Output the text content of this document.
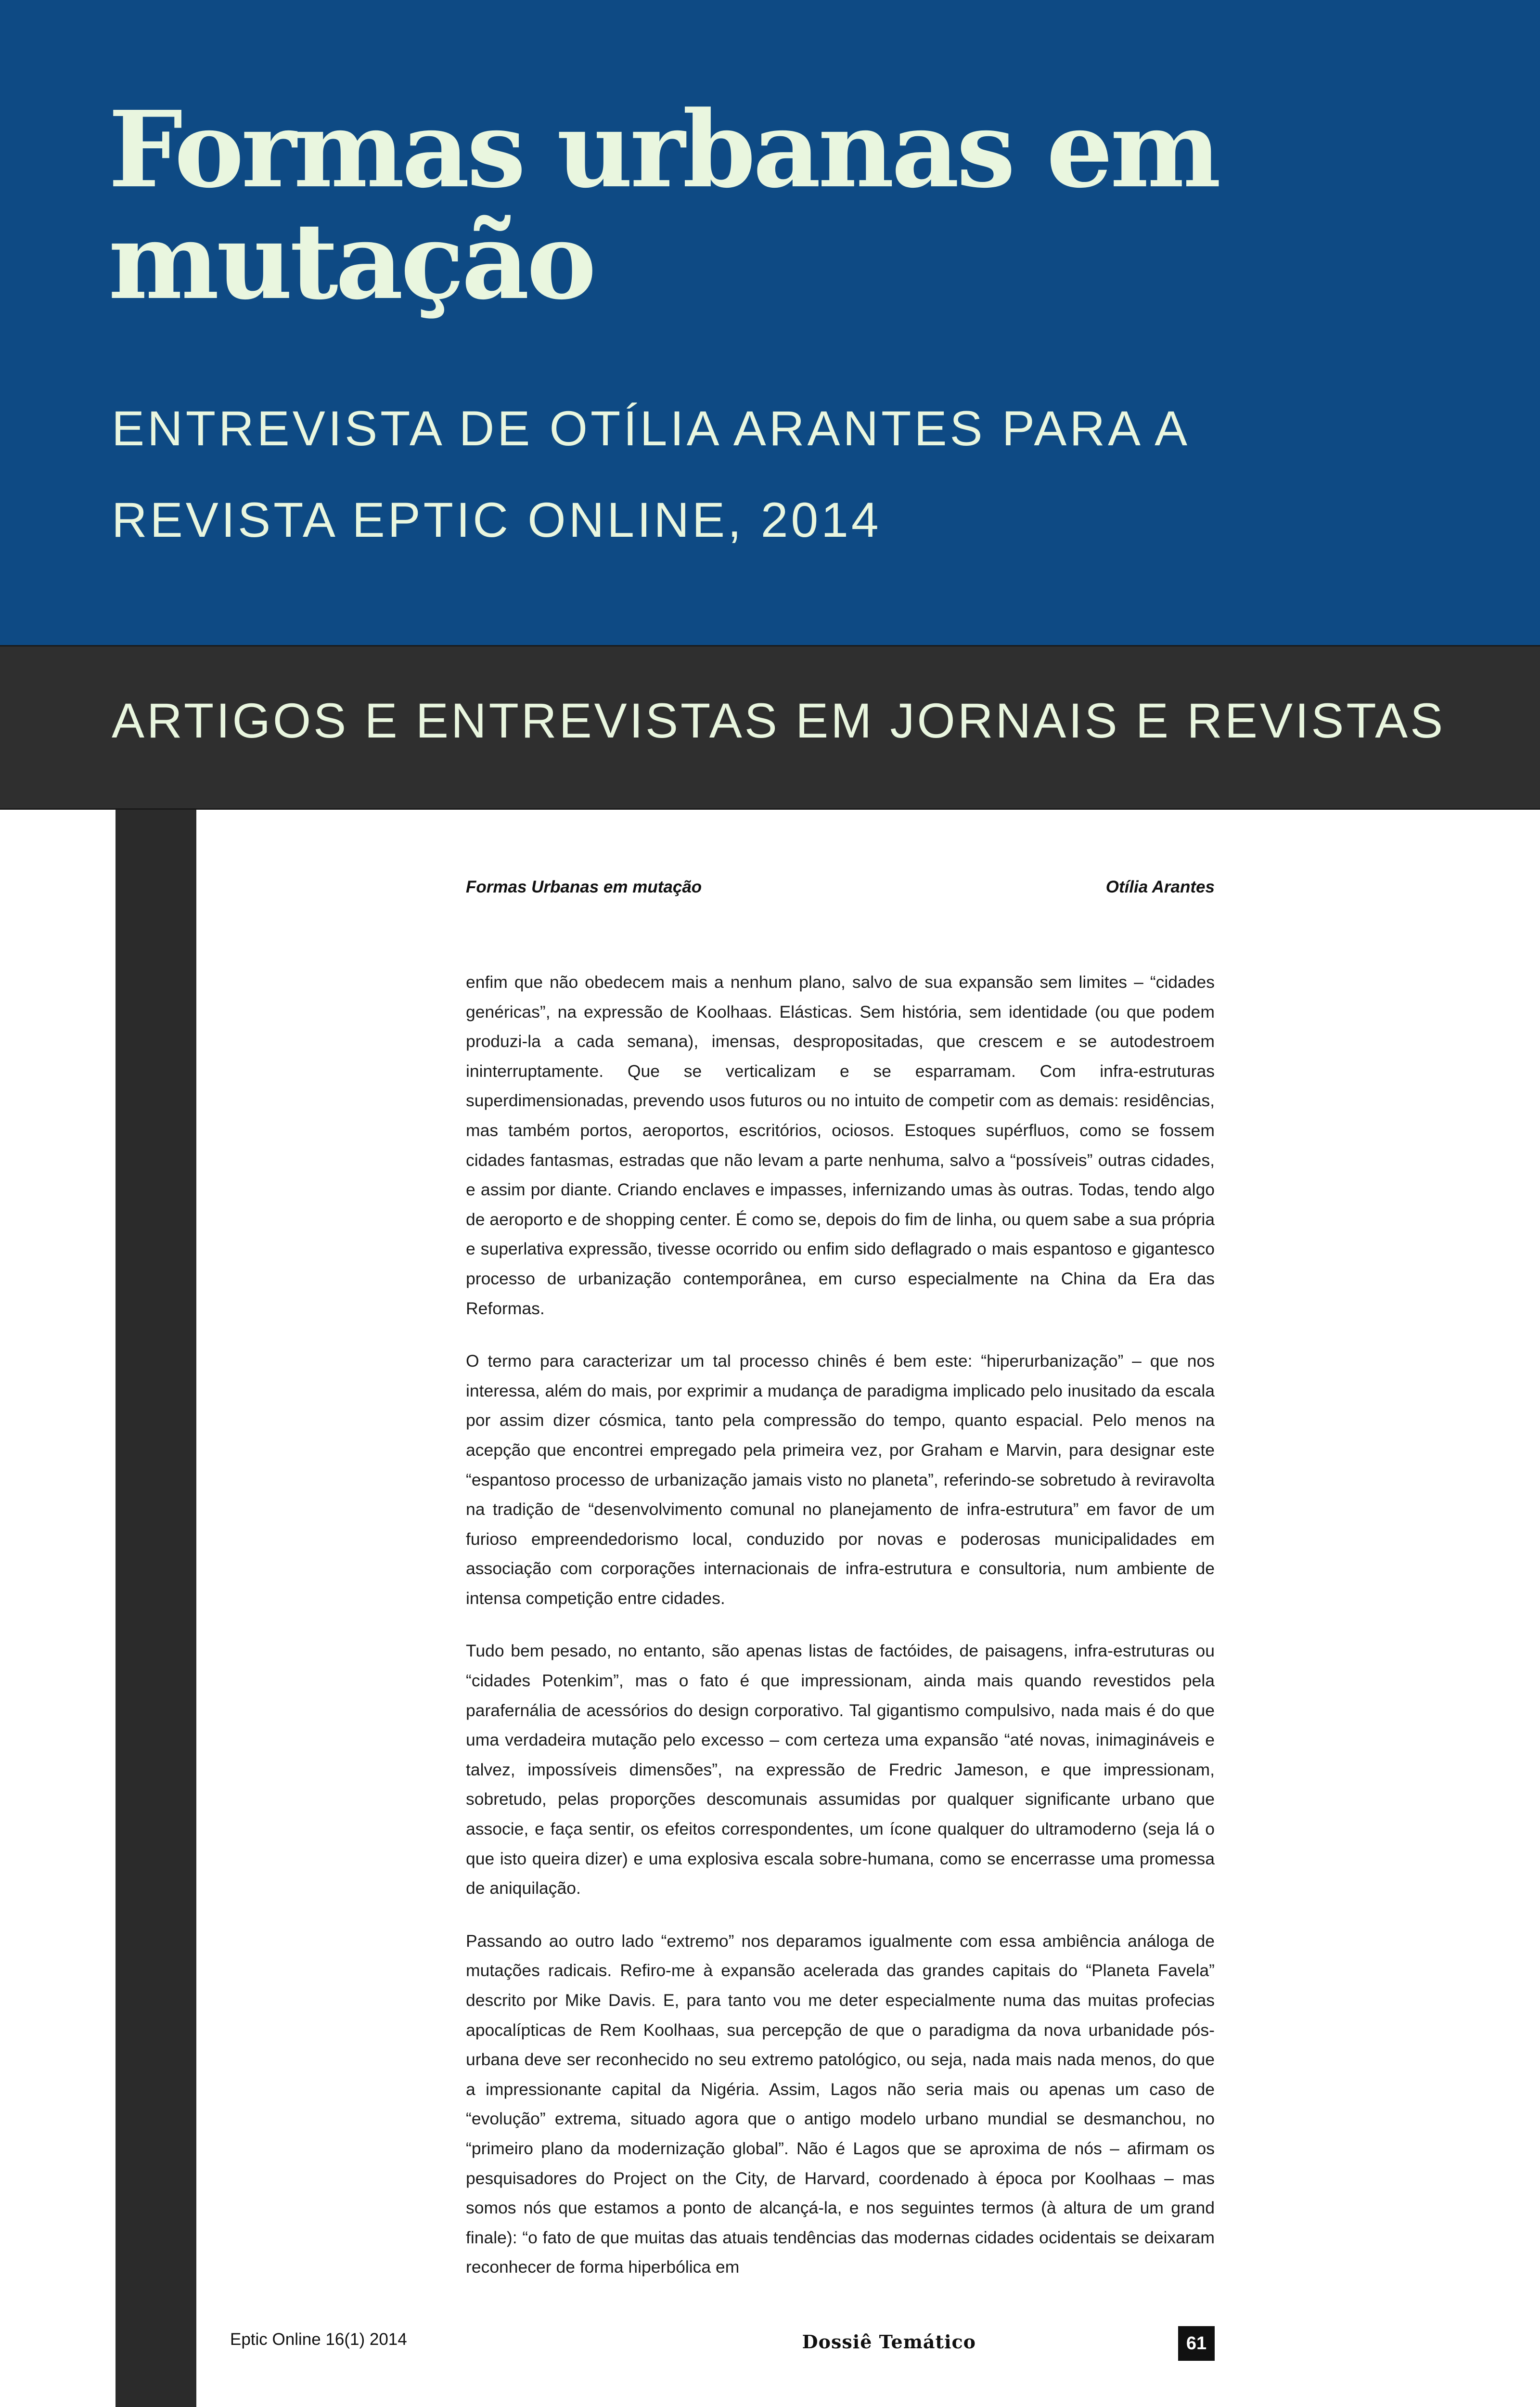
Formas urbanas em mutação

ENTREVISTA DE OTÍLIA ARANTES PARA A REVISTA EPTIC ONLINE, 2014

ARTIGOS E ENTREVISTAS EM JORNAIS E REVISTAS
Formas Urbanas em mutação	Otília Arantes

enfim que não obedecem mais a nenhum plano, salvo de sua expansão sem limites – “cidades genéricas”, na expressão de Koolhaas. Elásticas. Sem história, sem identidade (ou que podem produzi-la a cada semana), imensas, despropositadas, que crescem e se autodestroem ininterruptamente. Que se verticalizam e se esparramam. Com infra-estruturas superdimensionadas, prevendo usos futuros ou no intuito de competir com as demais: residências, mas também portos, aeroportos, escritórios, ociosos. Estoques supérfluos, como se fossem cidades fantasmas, estradas que não levam a parte nenhuma, salvo a “possíveis” outras cidades, e assim por diante. Criando enclaves e impasses, infernizando umas às outras. Todas, tendo algo de aeroporto e de shopping center. É como se, depois do fim de linha, ou quem sabe a sua própria e superlativa expressão, tivesse ocorrido ou enfim sido deflagrado o mais espantoso e gigantesco processo de urbanização contemporânea, em curso especialmente na China da Era das Reformas.

O termo para caracterizar um tal processo chinês é bem este: “hiperurbanização” – que nos interessa, além do mais, por exprimir a mudança de paradigma implicado pelo inusitado da escala por assim dizer cósmica, tanto pela compressão do tempo, quanto espacial. Pelo menos na acepção que encontrei empregado pela primeira vez, por Graham e Marvin, para designar este “espantoso processo de urbanização jamais visto no planeta”, referindo-se sobretudo à reviravolta na tradição de “desenvolvimento comunal no planejamento de infra-estrutura” em favor de um furioso empreendedorismo local, conduzido por novas e poderosas municipalidades em associação com corporações internacionais de infra-estrutura e consultoria, num ambiente de intensa competição entre cidades.

Tudo bem pesado, no entanto, são apenas listas de factóides, de paisagens, infra-estruturas ou “cidades Potenkim”, mas o fato é que impressionam, ainda mais quando revestidos pela parafernália de acessórios do design corporativo. Tal gigantismo compulsivo, nada mais é do que uma verdadeira mutação pelo excesso – com certeza uma expansão “até novas, inimagináveis e talvez, impossíveis dimensões”, na expressão de Fredric Jameson, e que impressionam, sobretudo, pelas proporções descomunais assumidas por qualquer significante urbano que associe, e faça sentir, os efeitos correspondentes, um ícone qualquer do ultramoderno (seja lá o que isto queira dizer) e uma explosiva escala sobre-humana, como se encerrasse uma promessa de aniquilação.

Passando ao outro lado “extremo” nos deparamos igualmente com essa ambiência análoga de mutações radicais. Refiro-me à expansão acelerada das grandes capitais do “Planeta Favela” descrito por Mike Davis. E, para tanto vou me deter especialmente numa das muitas profecias apocalípticas de Rem Koolhaas, sua percepção de que o paradigma da nova urbanidade pós-urbana deve ser reconhecido no seu extremo patológico, ou seja, nada mais nada menos, do que a impressionante capital da Nigéria. Assim, Lagos não seria mais ou apenas um caso de “evolução” extrema, situado agora que o antigo modelo urbano mundial se desmanchou, no “primeiro plano da modernização global”. Não é Lagos que se aproxima de nós – afirmam os pesquisadores do Project on the City, de Harvard, coordenado à época por Koolhaas – mas somos nós que estamos a ponto de alcançá-la, e nos seguintes termos (à altura de um grand finale): “o fato de que muitas das atuais tendências das modernas cidades ocidentais se deixaram reconhecer de forma hiperbólica em

Eptic Online 16(1) 2014	Dossiê Temático	61
